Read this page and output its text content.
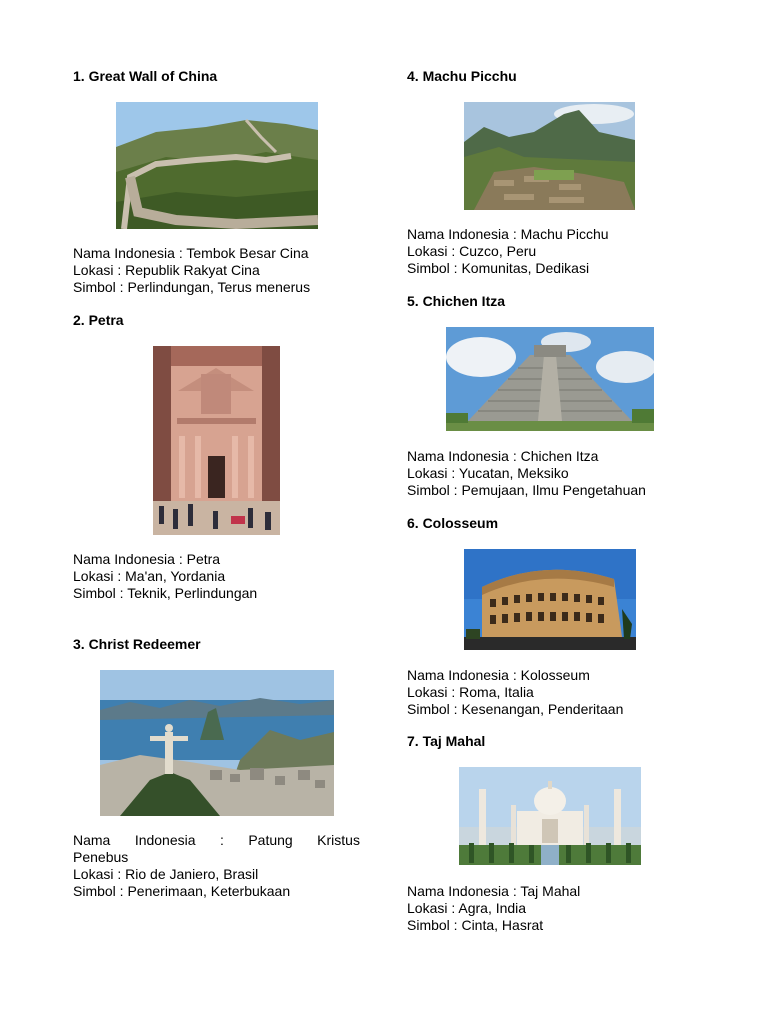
1. Great Wall of China
Nama Indonesia : Tembok Besar Cina
Lokasi : Republik Rakyat Cina
Simbol : Perlindungan, Terus menerus
2. Petra
Nama Indonesia : Petra
Lokasi : Ma'an, Yordania
Simbol : Teknik, Perlindungan
3. Christ Redeemer
Nama Indonesia : Patung Kristus
Penebus
Lokasi : Rio de Janiero, Brasil
Simbol : Penerimaan, Keterbukaan
4. Machu Picchu
Nama Indonesia : Machu Picchu
Lokasi : Cuzco, Peru
Simbol : Komunitas, Dedikasi
5. Chichen Itza
Nama Indonesia : Chichen Itza
Lokasi : Yucatan, Meksiko
Simbol : Pemujaan, Ilmu Pengetahuan
6. Colosseum
Nama Indonesia : Kolosseum
Lokasi : Roma, Italia
Simbol : Kesenangan, Penderitaan
7. Taj Mahal
Nama Indonesia : Taj Mahal
Lokasi : Agra, India
Simbol : Cinta, Hasrat
